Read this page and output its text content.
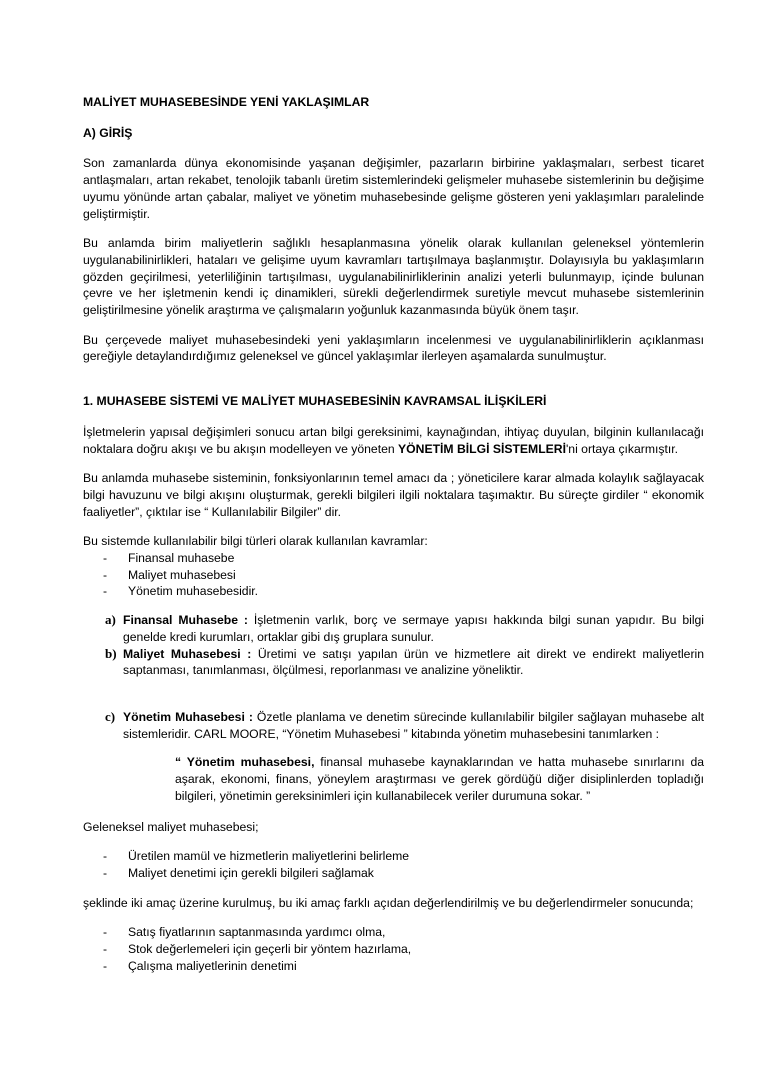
MALİYET MUHASEBESİNDE YENİ YAKLAŞIMLAR
A) GİRİŞ

Son zamanlarda dünya ekonomisinde yaşanan değişimler, pazarların birbirine yaklaşmaları, serbest ticaret antlaşmaları, artan rekabet, tenolojik tabanlı üretim sistemlerindeki gelişmeler muhasebe sistemlerinin bu değişime uyumu yönünde artan çabalar, maliyet ve yönetim muhasebesinde gelişme gösteren yeni yaklaşımları paralelinde geliştirmiştir.

Bu anlamda birim maliyetlerin sağlıklı hesaplanmasına yönelik olarak kullanılan geleneksel yöntemlerin uygulanabilinirlikleri, hataları ve gelişime uyum kavramları tartışılmaya başlanmıştır. Dolayısıyla bu yaklaşımların gözden geçirilmesi, yeterliliğinin tartışılması, uygulanabilinirliklerinin analizi yeterli bulunmayıp, içinde bulunan çevre ve her işletmenin kendi iç dinamikleri, sürekli değerlendirmek suretiyle mevcut muhasebe sistemlerinin geliştirilmesine yönelik araştırma ve çalışmaların yoğunluk kazanmasında büyük önem taşır.

Bu çerçevede maliyet muhasebesindeki yeni yaklaşımların incelenmesi ve uygulanabilinirliklerin açıklanması gereğiyle detaylandırdığımız geleneksel ve güncel yaklaşımlar ilerleyen aşamalarda sunulmuştur.

1. MUHASEBE SİSTEMİ VE MALİYET MUHASEBESİNİN KAVRAMSAL İLİŞKİLERİ

İşletmelerin yapısal değişimleri sonucu artan bilgi gereksinimi, kaynağından, ihtiyaç duyulan, bilginin kullanılacağı noktalara doğru akışı ve bu akışın modelleyen ve yöneten YÖNETİM BİLGİ SİSTEMLERİ'ni ortaya çıkarmıştır.

Bu anlamda muhasebe sisteminin, fonksiyonlarının temel amacı da ; yöneticilere karar almada kolaylık sağlayacak bilgi havuzunu ve bilgi akışını oluşturmak, gerekli bilgileri ilgili noktalara taşımaktır. Bu süreçte girdiler “ ekonomik faaliyetler”, çıktılar ise “ Kullanılabilir Bilgiler” dir.

Bu sistemde kullanılabilir bilgi türleri olarak kullanılan kavramlar:
- Finansal muhasebe
- Maliyet muhasebesi
- Yönetim muhasebesidir.
a) Finansal Muhasebe : İşletmenin varlık, borç ve sermaye yapısı hakkında bilgi sunan yapıdır. Bu bilgi genelde kredi kurumları, ortaklar gibi dış gruplara sunulur.
b) Maliyet Muhasebesi : Üretimi ve satışı yapılan ürün ve hizmetlere ait direkt ve endirekt maliyetlerin saptanması, tanımlanması, ölçülmesi, reporlanması ve analizine yöneliktir.
c) Yönetim Muhasebesi : Özetle planlama ve denetim sürecinde kullanılabilir bilgiler sağlayan muhasebe alt sistemleridir. CARL MOORE, “Yönetim Muhasebesi ” kitabında yönetim muhasebesini tanımlarken :
“ Yönetim muhasebesi, finansal muhasebe kaynaklarından ve hatta muhasebe sınırlarını da aşarak, ekonomi, finans, yöneylem araştırması ve gerek gördüğü diğer disiplinlerden topladığı bilgileri, yönetimin gereksinimleri için kullanabilecek veriler durumuna sokar. ”
Geleneksel maliyet muhasebesi;
- Üretilen mamül ve hizmetlerin maliyetlerini belirleme
- Maliyet denetimi için gerekli bilgileri sağlamak

şeklinde iki amaç üzerine kurulmuş, bu iki amaç farklı açıdan değerlendirilmiş ve bu değerlendirmeler sonucunda;

- Satış fiyatlarının saptanmasında yardımcı olma,
- Stok değerlemeleri için geçerli bir yöntem hazırlama,
- Çalışma maliyetlerinin denetimi
